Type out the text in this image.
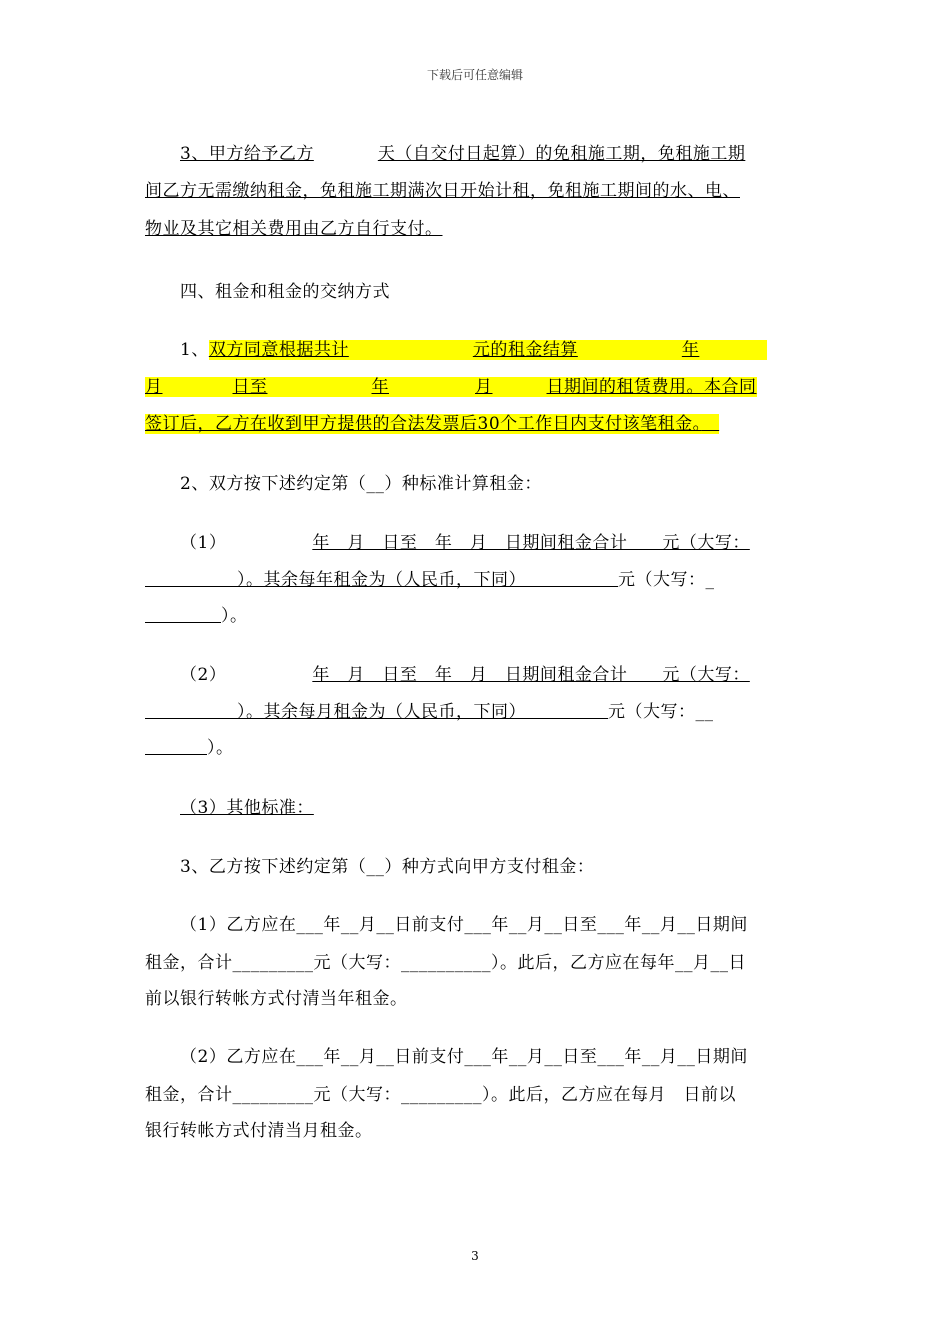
下载后可任意编辑
3、甲方给予乙方	天（自交付日起算）的免租施工期，免租施工期
间乙方无需缴纳租金，免租施工期满次日开始计租，免租施工期间的水、电、
物业及其它相关费用由乙方自行支付。
四、租金和租金的交纳方式
1、双方同意根据共计	元的租金结算	年
月	日至	年	月	日期间的租赁费用。本合同
签订后，乙方在收到甲方提供的合法发票后30个工作日内支付该笔租金。　
2、双方按下述约定第（__）种标准计算租金：
（1）	年　月　日至　年　月　日期间租金合计　　元（大写：
）。其余每年租金为（人民币，下同）	元（大写：_
）。
（2）	年　月　日至　年　月　日期间租金合计　　元（大写：
）。其余每月租金为（人民币，下同）	元（大写：__
）。
（3）其他标准：
3、乙方按下述约定第（__）种方式向甲方支付租金：
（1）乙方应在___年__月__日前支付___年__月__日至___年__月__日期间
租金，合计_________元（大写：__________）。此后，乙方应在每年__月__日
前以银行转帐方式付清当年租金。
（2）乙方应在___年__月__日前支付___年__月__日至___年__月__日期间
租金，合计_________元（大写：_________）。此后，乙方应在每月　日前以
银行转帐方式付清当月租金。
3
